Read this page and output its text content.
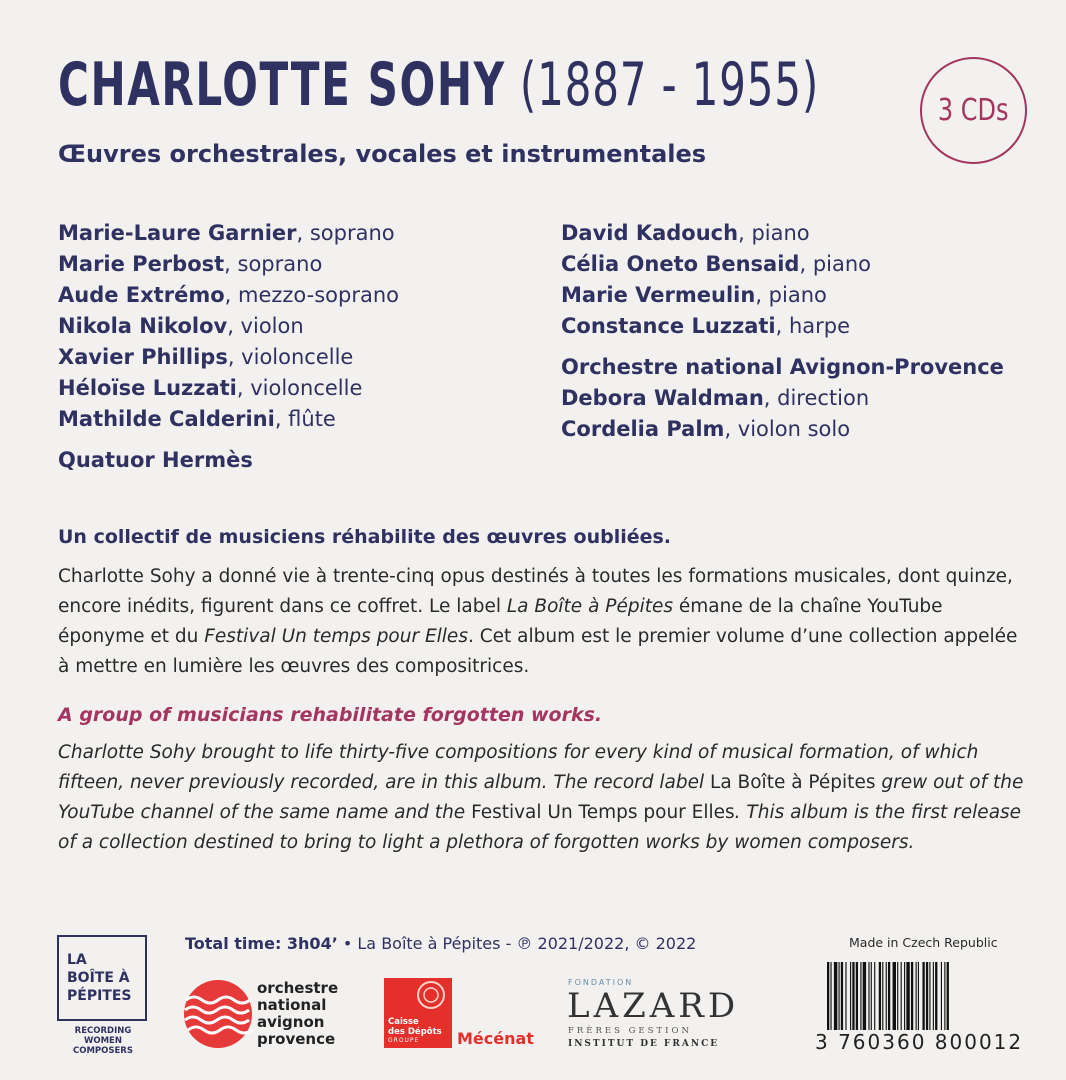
CHARLOTTE SOHY (1887 - 1955)
Œuvres orchestrales, vocales et instrumentales
3 CDs
Marie-Laure Garnier, soprano
Marie Perbost, soprano
Aude Extrémo, mezzo-soprano
Nikola Nikolov, violon
Xavier Phillips, violoncelle
Héloïse Luzzati, violoncelle
Mathilde Calderini, flûte
Quatuor Hermès
David Kadouch, piano
Célia Oneto Bensaid, piano
Marie Vermeulin, piano
Constance Luzzati, harpe
Orchestre national Avignon-Provence
Debora Waldman, direction
Cordelia Palm, violon solo
Un collectif de musiciens réhabilite des œuvres oubliées.

Charlotte Sohy a donné vie à trente-cinq opus destinés à toutes les formations musicales, dont quinze, encore inédits, figurent dans ce coffret. Le label La Boîte à Pépites émane de la chaîne YouTube éponyme et du Festival Un temps pour Elles. Cet album est le premier volume d’une collection appelée à mettre en lumière les œuvres des compositrices.

A group of musicians rehabilitate forgotten works.

Charlotte Sohy brought to life thirty-five compositions for every kind of musical formation, of which fifteen, never previously recorded, are in this album. The record label La Boîte à Pépites grew out of the YouTube channel of the same name and the Festival Un Temps pour Elles. This album is the first release of a collection destined to bring to light a plethora of forgotten works by women composers.

LA
BOÎTE À
PÉPITES
RECORDING WOMEN COMPOSERS
Total time: 3h04’ • La Boîte à Pépites - ℗ 2021/2022, © 2022	Made in Czech Republic
orchestre
national
avignon
provence
Caisse
des Dépôts
GROUPE Mécénat
FONDATION
LAZARD
FRÈRES GESTION
INSTITUT DE FRANCE	3 760360 800012
